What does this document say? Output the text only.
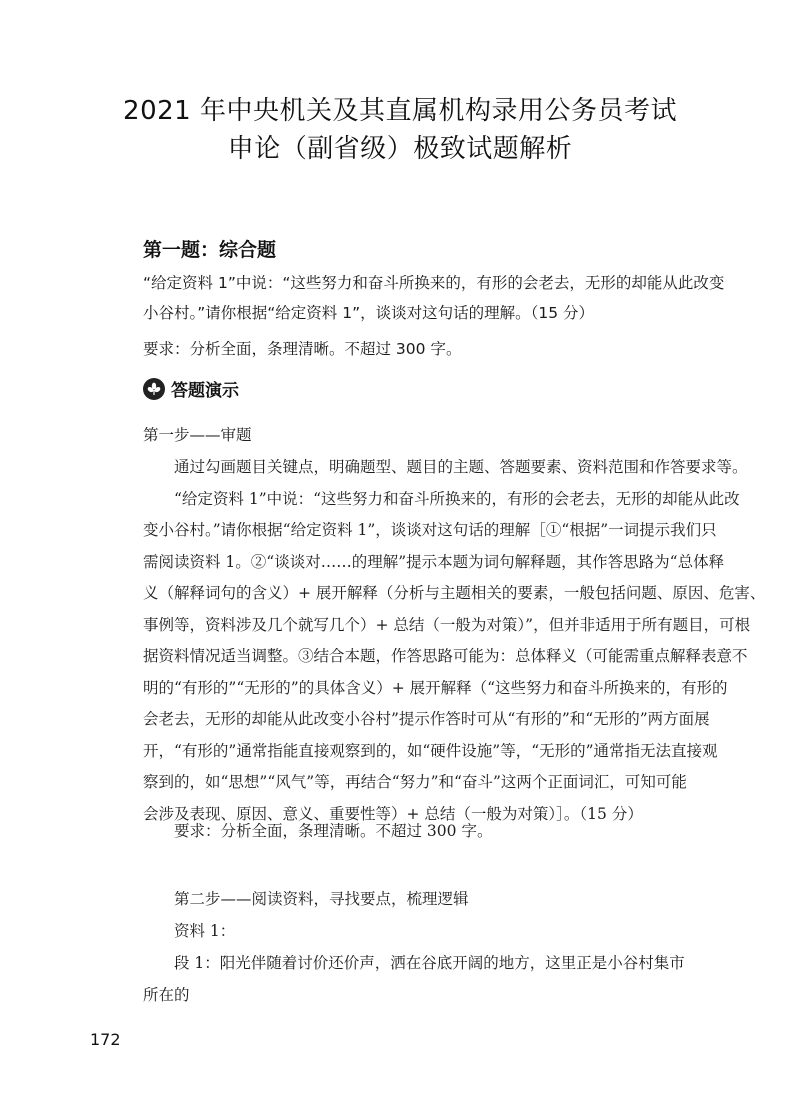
2021 年中央机关及其直属机构录用公务员考试
申论（副省级）极致试题解析
第一题：综合题
“给定资料 1”中说：“这些努力和奋斗所换来的，有形的会老去，无形的却能从此改变
小谷村。”请你根据“给定资料 1”，谈谈对这句话的理解。（15 分）
要求：分析全面，条理清晰。不超过 300 字。
答题演示
第一步——审题
　　通过勾画题目关键点，明确题型、题目的主题、答题要素、资料范围和作答要求等。
　　“给定资料 1”中说：“这些努力和奋斗所换来的，有形的会老去，无形的却能从此改
变小谷村。”请你根据“给定资料 1”，谈谈对这句话的理解［①“根据”一词提示我们只
需阅读资料 1。②“谈谈对……的理解”提示本题为词句解释题，其作答思路为“总体释
义（解释词句的含义）+ 展开解释（分析与主题相关的要素，一般包括问题、原因、危害、
事例等，资料涉及几个就写几个）+ 总结（一般为对策）”，但并非适用于所有题目，可根
据资料情况适当调整。③结合本题，作答思路可能为：总体释义（可能需重点解释表意不
明的“有形的”“无形的”的具体含义）+ 展开解释（“这些努力和奋斗所换来的，有形的
会老去，无形的却能从此改变小谷村”提示作答时可从“有形的”和“无形的”两方面展
开，“有形的”通常指能直接观察到的，如“硬件设施”等，“无形的”通常指无法直接观
察到的，如“思想”“风气”等，再结合“努力”和“奋斗”这两个正面词汇，可知可能
会涉及表现、原因、意义、重要性等）+ 总结（一般为对策）］。（15 分）
　　要求：分析全面，条理清晰。不超过 300 字。
　　第二步——阅读资料，寻找要点，梳理逻辑
　　资料 1：
　　段 1：阳光伴随着讨价还价声，洒在谷底开阔的地方，这里正是小谷村集市所在的
172
